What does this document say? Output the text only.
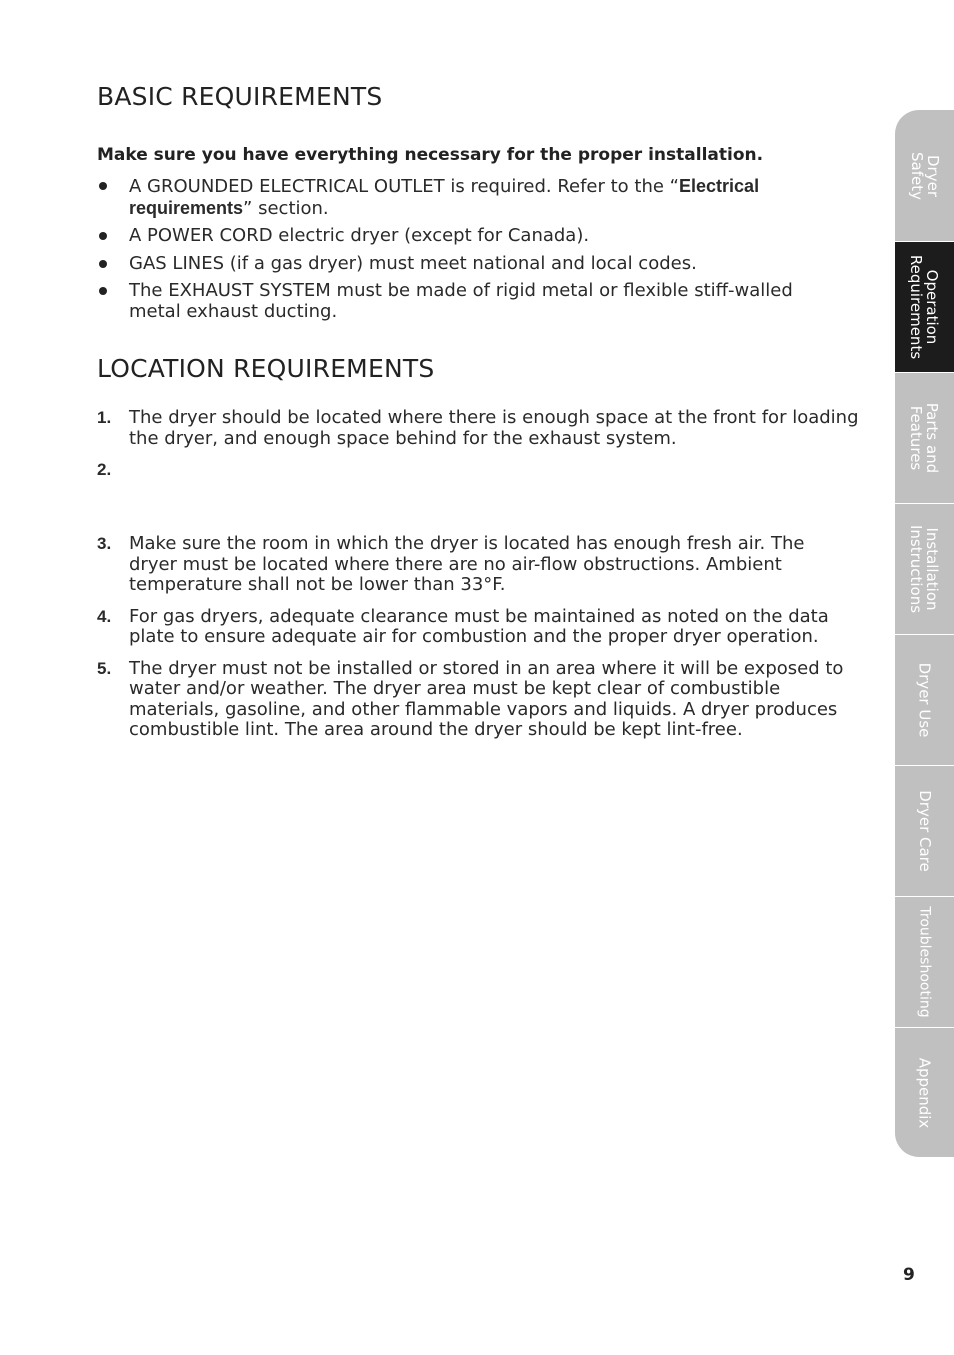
BASIC REQUIREMENTS

Make sure you have everything necessary for the proper installation.

A GROUNDED ELECTRICAL OUTLET is required. Refer to the “Electrical requirements” section.
A POWER CORD electric dryer (except for Canada).
GAS LINES (if a gas dryer) must meet national and local codes.
The EXHAUST SYSTEM must be made of rigid metal or flexible stiff-walled metal exhaust ducting.
LOCATION REQUIREMENTS
1. The dryer should be located where there is enough space at the front for loading the dryer, and enough space behind for the exhaust system.
2.
3. Make sure the room in which the dryer is located has enough fresh air. The dryer must be located where there are no air-flow obstructions. Ambient temperature shall not be lower than 33°F.
4. For gas dryers, adequate clearance must be maintained as noted on the data plate to ensure adequate air for combustion and the proper dryer operation.
5. The dryer must not be installed or stored in an area where it will be exposed to water and/or weather. The dryer area must be kept clear of combustible materials, gasoline, and other flammable vapors and liquids. A dryer produces combustible lint. The area around the dryer should be kept lint-free.
Dryer
Safety
Operation
Requirements
Parts and
Features
Installation
Instructions
Dryer Use
Dryer Care
Troubleshooting
Appendix
9
